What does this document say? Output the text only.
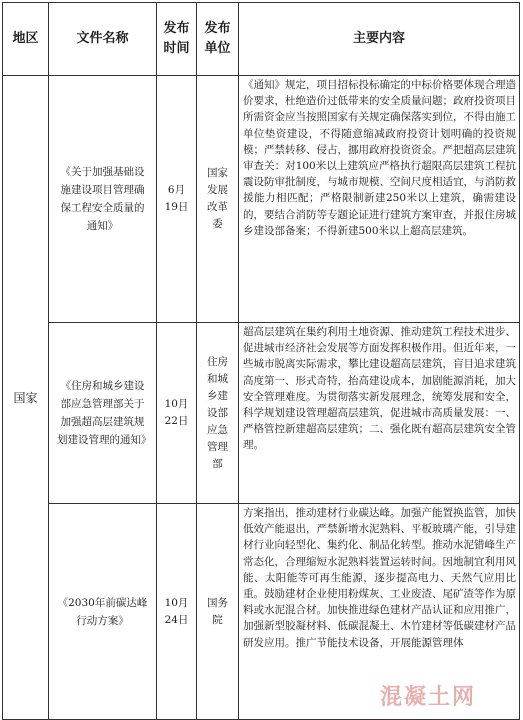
地区	文件名称	发布时间	发布单位	主要内容
国家	《关于加强基础设施建设项目管理确保工程安全质量的通知》	6月19日	国家发展改革委	《通知》规定，项目招标投标确定的中标价格要体现合理造价要求，杜绝造价过低带来的安全质量问题；政府投资项目所需资金应当按照国家有关规定确保落实到位，不得由施工单位垫资建设，不得随意缩减政府投资计划明确的投资规模；严禁转移、侵占，挪用政府投资资金。严把超高层建筑审查关：对100米以上建筑应严格执行超限高层建筑工程抗震设防审批制度，与城市规模、空间尺度相适宜，与消防救援能力相匹配；严格限制新建250米以上建筑，确需建设的，要结合消防等专题论证进行建筑方案审查，并报住房城乡建设部备案；不得新建500米以上超高层建筑。
	《住房和城乡建设部应急管理部关于加强超高层建筑规划建设管理的通知》	10月22日	住房和城乡建设部应急管理部	超高层建筑在集约利用土地资源、推动建筑工程技术进步、促进城市经济社会发展等方面发挥积极作用。但近年来，一些城市脱离实际需求，攀比建设超高层建筑，盲目追求建筑高度第一、形式奇特，抬高建设成本，加剧能源消耗，加大安全管理难度。为贯彻落实新发展理念，统筹发展和安全，科学规划建设管理超高层建筑，促进城市高质量发展：一、严格管控新建超高层建筑；二、强化既有超高层建筑安全管理。
	《2030年前碳达峰行动方案》	10月24日	国务院	方案指出，推动建材行业碳达峰。加强产能置换监管，加快低效产能退出，严禁新增水泥熟料、平板玻璃产能，引导建材行业向轻型化、集约化、制品化转型。推动水泥错峰生产常态化，合理缩短水泥熟料装置运转时间。因地制宜利用风能、太阳能等可再生能源，逐步提高电力、天然气应用比重。鼓励建材企业使用粉煤灰、工业废渣、尾矿渣等作为原料或水泥混合材。加快推进绿色建材产品认证和应用推广，加强新型胶凝材料、低碳混凝土、木竹建材等低碳建材产品研发应用。推广节能技术设备，开展能源管理体
混凝土网
